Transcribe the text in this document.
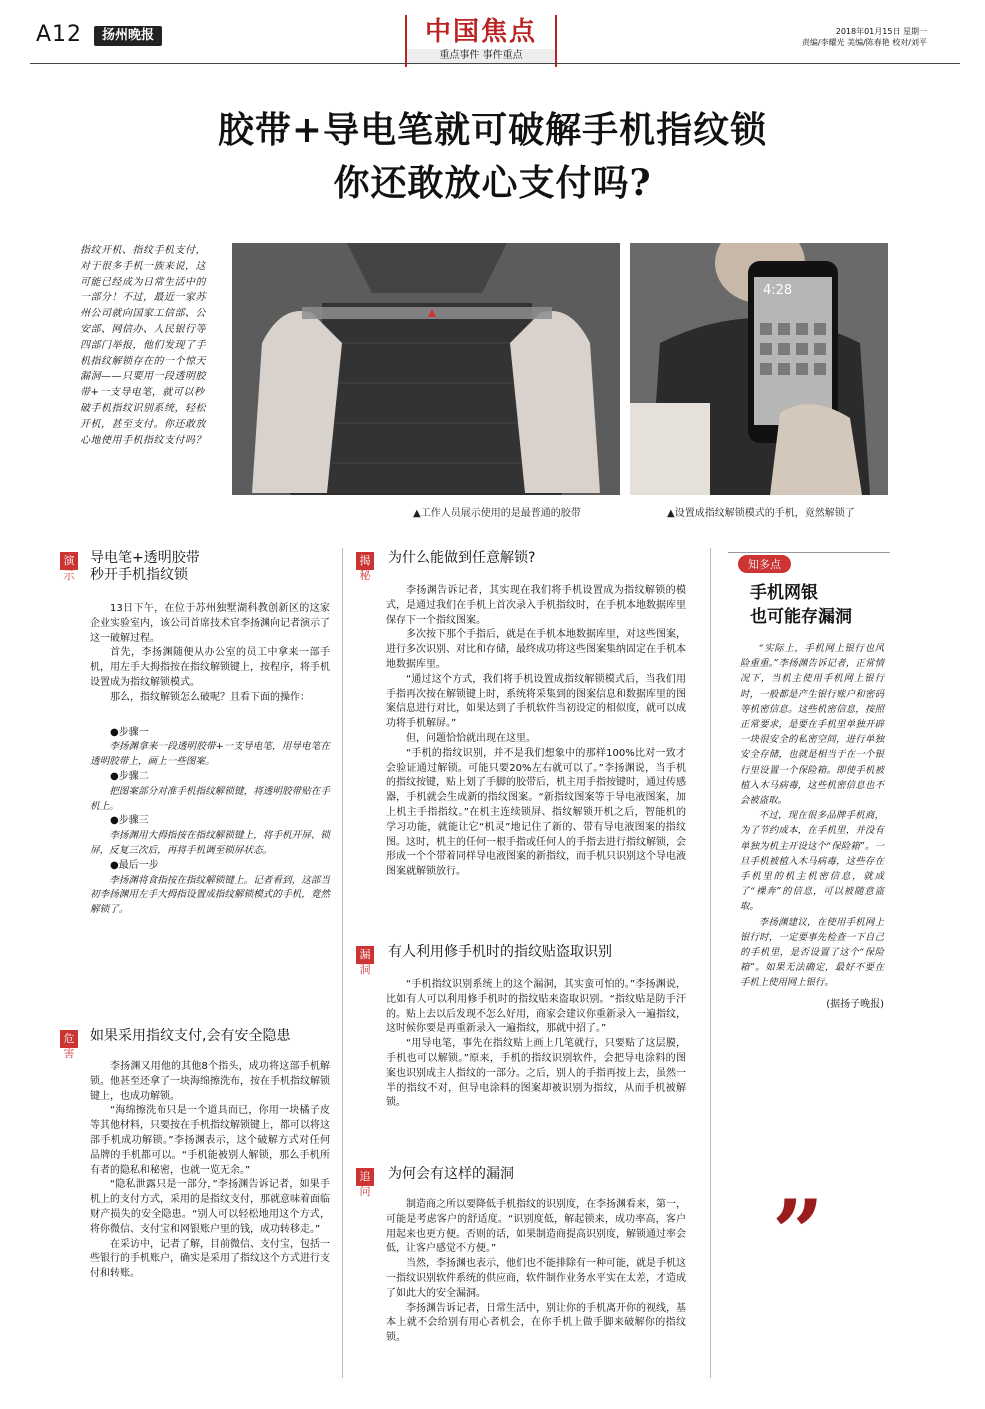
A12	扬州晚报	中国焦点
重点事件 事件重点
2018年01月15日 星期一
责编/李耀光 美编/陈春艳 校对/刘平
胶带+导电笔就可破解手机指纹锁
你还敢放心支付吗?
指纹开机、指纹手机支付，对于很多手机一族来说，这可能已经成为日常生活中的一部分！不过，最近一家苏州公司就向国家工信部、公安部、网信办、人民银行等四部门举报，他们发现了手机指纹解锁存在的一个惊天漏洞——只要用一段透明胶带+一支导电笔，就可以秒破手机指纹识别系统，轻松开机，甚至支付。你还敢放心地使用手机指纹支付吗？
4:28
▲工作人员展示使用的是最普通的胶带	▲设置成指纹解锁模式的手机，竟然解锁了
演
示
导电笔+透明胶带
秒开手机指纹锁

13日下午，在位于苏州独墅湖科教创新区的这家企业实验室内，该公司首席技术官李扬渊向记者演示了这一破解过程。

首先，李扬渊随便从办公室的员工中拿来一部手机，用左手大拇指按在指纹解锁键上，按程序，将手机设置成为指纹解锁模式。

那么，指纹解锁怎么破呢？且看下面的操作：

●步骤一

李扬渊拿来一段透明胶带+一支导电笔，用导电笔在透明胶带上，画上一些图案。

●步骤二

把图案部分对准手机指纹解锁键，将透明胶带贴在手机上。

●步骤三

李扬渊用大拇指按在指纹解锁键上，将手机开屏、锁屏，反复三次后，再将手机调至锁屏状态。

●最后一步

李扬渊将食指按在指纹解锁键上。记者看到，这部当初李扬渊用左手大拇指设置成指纹解锁模式的手机，竟然解锁了。

危
害
如果采用指纹支付,会有安全隐患

李扬渊又用他的其他8个指头，成功将这部手机解锁。他甚至还拿了一块海绵擦洗布，按在手机指纹解锁键上，也成功解锁。

“海绵擦洗布只是一个道具而已，你用一块橘子皮等其他材料，只要按在手机指纹解锁键上，都可以将这部手机成功解锁。”李扬渊表示，这个破解方式对任何品牌的手机都可以。“手机能被别人解锁，那么手机所有者的隐私和秘密，也就一览无余。”

“隐私泄露只是一部分，”李扬渊告诉记者，如果手机上的支付方式，采用的是指纹支付，那就意味着面临财产损失的安全隐患。“别人可以轻松地用这个方式，将你微信、支付宝和网银账户里的钱，成功转移走。”

在采访中，记者了解，目前微信、支付宝，包括一些银行的手机账户，确实是采用了指纹这个方式进行支付和转账。

揭
秘
为什么能做到任意解锁?

李扬渊告诉记者，其实现在我们将手机设置成为指纹解锁的模式，是通过我们在手机上首次录入手机指纹时，在手机本地数据库里保存下一个指纹图案。

多次按下那个手指后，就是在手机本地数据库里，对这些图案，进行多次识别、对比和存储，最终成功将这些图案集纳固定在手机本地数据库里。

“通过这个方式，我们将手机设置成指纹解锁模式后，当我们用手指再次按在解锁键上时，系统将采集到的图案信息和数据库里的图案信息进行对比，如果达到了手机软件当初设定的相似度，就可以成功将手机解屏。”

但，问题恰恰就出现在这里。

“手机的指纹识别，并不是我们想象中的那样100%比对一致才会验证通过解锁。可能只要20%左右就可以了。”李扬渊说，当手机的指纹按键，贴上划了手脚的胶带后，机主用手指按键时，通过传感器，手机就会生成新的指纹图案。“新指纹图案等于导电液图案，加上机主手指指纹。”在机主连续锁屏、指纹解锁开机之后，智能机的学习功能，就能让它“机灵”地记住了新的、带有导电液图案的指纹图。这时，机主的任何一根手指或任何人的手指去进行指纹解锁，会形成一个个带着同样导电液图案的新指纹，而手机只识别这个导电液图案就解锁放行。

漏
洞
有人利用修手机时的指纹贴盗取识别

“手机指纹识别系统上的这个漏洞，其实蛮可怕的。”李扬渊说，比如有人可以利用修手机时的指纹贴来盗取识别。“指纹贴是防手汗的。贴上去以后发现不怎么好用，商家会建议你重新录入一遍指纹，这时候你要是再重新录入一遍指纹，那就中招了。”

“用导电笔，事先在指纹贴上画上几笔就行，只要贴了这层膜，手机也可以解锁。”原来，手机的指纹识别软件，会把导电涂料的图案也识别成主人指纹的一部分。之后，别人的手指再按上去，虽然一半的指纹不对，但导电涂料的图案却被识别为指纹，从而手机被解锁。

追
问
为何会有这样的漏洞

制造商之所以要降低手机指纹的识别度，在李扬渊看来，第一，可能是考虑客户的舒适度。“识别度低，解起锁来，成功率高，客户用起来也更方便。否则的话，如果制造商提高识别度，解锁通过率会低，让客户感觉不方便。”

当然，李扬渊也表示，他们也不能排除有一种可能，就是手机这一指纹识别软件系统的供应商，软件制作业务水平实在太差，才造成了如此大的安全漏洞。

李扬渊告诉记者，日常生活中，别让你的手机离开你的视线，基本上就不会给别有用心者机会，在你手机上做手脚来破解你的指纹锁。

知多点
手机网银
也可能存漏洞

“实际上，手机网上银行也风险重重。”李扬渊告诉记者，正常情况下，当机主使用手机网上银行时，一般都是产生银行账户和密码等机密信息。这些机密信息，按照正常要求，是要在手机里单独开辟一块很安全的私密空间，进行单独安全存储，也就是相当于在一个银行里设置一个保险箱。即使手机被植入木马病毒，这些机密信息也不会被盗取。

不过，现在很多品牌手机商，为了节约成本，在手机里，并没有单独为机主开设这个“保险箱”。一旦手机被植入木马病毒，这些存在手机里的机主机密信息，就成了“裸奔”的信息，可以被随意盗取。

李扬渊建议，在使用手机网上银行时，一定要事先检查一下自己的手机里，是否设置了这个“保险箱”。如果无法确定，最好不要在手机上使用网上银行。

(据扬子晚报)

”
